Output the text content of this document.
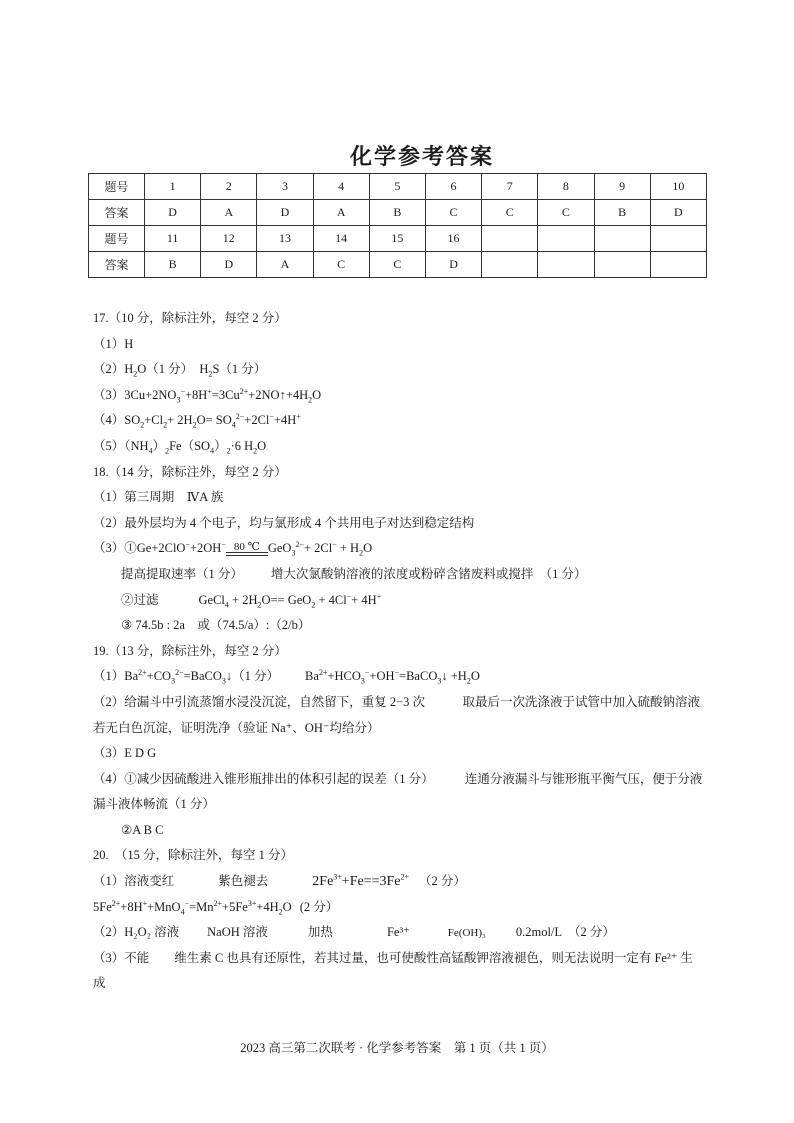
化学参考答案
题号	1	2	3	4	5	6	7	8	9	10
答案	D	A	D	A	B	C	C	C	B	D
题号	11	12	13	14	15	16				
答案	B	D	A	C	C	D				
17.（10 分，除标注外，每空 2 分）
（1）H
$(2)H_2O(1$ 分）　$H_2S(1$ 分）
$(3)3Cu+2NO_3^-+8H^+=3Cu^{2+}+2NO↑+4H_2O$
$(4)SO_2+Cl_2+ 2H_2O= SO_4^{2-}+2Cl^-+4H^+$
$(5)(NH_4)_2Fe(SO_4)_2\cdot 6$ $H_2O$
18.（14 分，除标注外，每空 2 分）
（1）第三周期　ⅣA 族
（2）最外层均为 4 个电子，均与氯形成 4 个共用电子对达到稳定结构
（3）①Ge+2ClO−+2OH− 80 ℃ $GeO_3^{2-}+ 2Cl^- + H_2O$
提高提取速率（1 分） 增大次氯酸钠溶液的浓度或粉碎含锗废料或搅拌　（1 分）
②过滤	GeCl$_4$ + $2H_2O== GeO_2 + 4Cl^-+ 4H^+$
③ 74.5b : 2a　或（74.5/a）:（2/b）
19.（13 分，除标注外，每空 2 分）
$(1)Ba^{2+}+CO_3^{2-}=BaCO_3↓(1$ 分） $Ba^{2+}+HCO_3^-+OH^-=BaCO_3↓ +H_2O$
（2）给漏斗中引流蒸馏水浸没沉淀，自然留下，重复 2−3 次　　　取最后一次洗涤液于试管中加入硫酸钠溶液若无白色沉淀，证明洗净（验证 Na⁺、OH⁻均给分）
（3）E D G
（4）①减少因硫酸进入锥形瓶排出的体积引起的误差（1 分）　　　连通分液漏斗与锥形瓶平衡气压，便于分液漏斗液体畅流（1 分）
②A B C
20.　（15 分，除标注外，每空 1 分）
（1）溶液变红	紫色褪去	$2Fe^{3+}+Fe==3Fe^{2+}$ （2 分）
$5Fe^{2+}+8H^++MnO_4^-=Mn^{2+}+5Fe^{3+}+4H_2O$ (2 分）
（2）H₂O₂ 溶液 NaOH 溶液	加热	Fe³⁺	Fe(OH)₃ 0.2mol/L （2 分）
（3）不能　　维生素 C 也具有还原性，若其过量，也可使酸性高锰酸钾溶液褪色，则无法说明一定有 Fe²⁺ 生成
2023 高三第二次联考 · 化学参考答案　第 1 页（共 1 页）
